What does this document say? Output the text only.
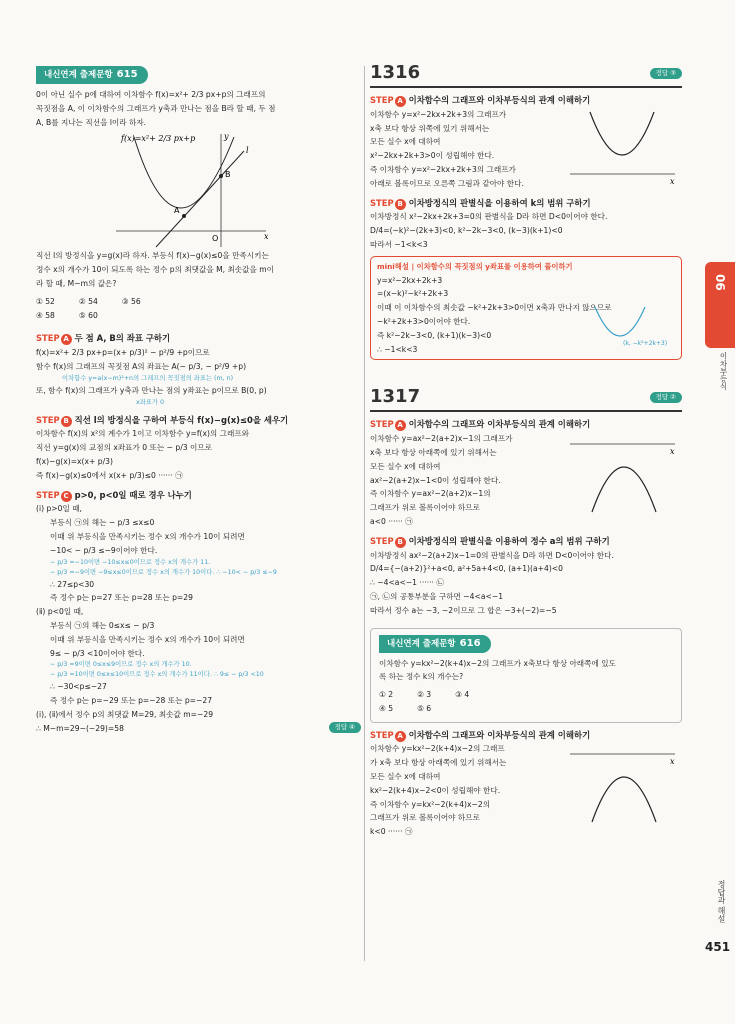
내신연계 출제문항 615
0이 아닌 실수 p에 대하여 이차함수 f(x)=x²+ 2/3 px+p의 그래프의
꼭짓점을 A, 이 이차함수의 그래프가 y축과 만나는 점을 B라 할 때, 두 점
A, B를 지나는 직선을 l이라 하자.
f(x)=x²+ 2/3 px+p	y
l
B
A
O	x
직선 l의 방정식을 y=g(x)라 하자. 부등식 f(x)−g(x)≤0을 만족시키는
정수 x의 개수가 10이 되도록 하는 정수 p의 최댓값을 M, 최솟값을 m이
라 할 때, M−m의 값은?
① 52	② 54	③ 56
④ 58	⑤ 60	
STEP A 두 점 A, B의 좌표 구하기
f(x)=x²+ 2/3 px+p=(x+ p/3)² − p²/9 +p이므로
함수 f(x)의 그래프의 꼭짓점 A의 좌표는 A(− p/3, − p²/9 +p)
이차함수 y=a(x−m)²+n의 그래프의 꼭짓점의 좌표는 (m, n)
또, 함수 f(x)의 그래프가 y축과 만나는 점의 y좌표는 p이므로 B(0, p)
x좌표가 0
STEP B 직선 l의 방정식을 구하여 부등식 f(x)−g(x)≤0을 세우기
이차함수 f(x)의 x²의 계수가 1이고 이차함수 y=f(x)의 그래프와
직선 y=g(x)의 교점의 x좌표가 0 또는 − p/3 이므로
f(x)−g(x)=x(x+ p/3)
즉 f(x)−g(x)≤0에서 x(x+ p/3)≤0 ······ ㉠
STEP C p>0, p<0일 때로 경우 나누기
(ⅰ) p>0일 때,
부등식 ㉠의 해는 − p/3 ≤x≤0
이때 위 부등식을 만족시키는 정수 x의 개수가 10이 되려면
−10< − p/3 ≤−9이어야 한다.
− p/3 =−10이면 −10≤x≤0이므로 정수 x의 개수가 11.
− p/3 =−9이면 −9≤x≤0이므로 정수 x의 개수가 10이다. ∴ −10< − p/3 ≤−9
∴ 27≤p<30
즉 정수 p는 p=27 또는 p=28 또는 p=29
(ⅱ) p<0일 때,
부등식 ㉠의 해는 0≤x≤ − p/3
이때 위 부등식을 만족시키는 정수 x의 개수가 10이 되려면
9≤ − p/3 <10이어야 한다.
− p/3 =9이면 0≤x≤9이므로 정수 x의 개수가 10.
− p/3 =10이면 0≤x≤10이므로 정수 x의 개수가 11이다. ∴ 9≤ − p/3 <10
∴ −30<p≤−27
즉 정수 p는 p=−29 또는 p=−28 또는 p=−27
(ⅰ), (ⅱ)에서 정수 p의 최댓값 M=29, 최솟값 m=−29
∴ M−m=29−(−29)=58	정답 ④
1316	정답 ③
STEP A 이차함수의 그래프와 이차부등식의 관계 이해하기
이차함수 y=x²−2kx+2k+3의 그래프가
x축 보다 항상 위쪽에 있기 위해서는
모든 실수 x에 대하여
x²−2kx+2k+3>0이 성립해야 한다.
즉 이차함수 y=x²−2kx+2k+3의 그래프가
아래로 볼록이므로 오른쪽 그림과 같아야 한다.	x
STEP B 이차방정식의 판별식을 이용하여 k의 범위 구하기
이차방정식 x²−2kx+2k+3=0의 판별식을 D라 하면 D<0이어야 한다.
D/4=(−k)²−(2k+3)<0, k²−2k−3<0, (k−3)(k+1)<0
따라서 −1<k<3
mini해설 | 이차함수의 꼭짓점의 y좌표를 이용하여 풀이하기
y=x²−2kx+2k+3
=(x−k)²−k²+2k+3
이때 이 이차함수의 최솟값 −k²+2k+3>0이면 x축과 만나지 않으므로
−k²+2k+3>0이어야 한다.
즉 k²−2k−3<0, (k+1)(k−3)<0
∴ −1<k<3
(k, −k²+2k+3)
1317	정답 ②
STEP A 이차함수의 그래프와 이차부등식의 관계 이해하기
이차함수 y=ax²−2(a+2)x−1의 그래프가
x축 보다 항상 아래쪽에 있기 위해서는
모든 실수 x에 대하여
ax²−2(a+2)x−1<0이 성립해야 한다.
즉 이차함수 y=ax²−2(a+2)x−1의
그래프가 위로 볼록이어야 하므로
a<0 ······ ㉠
x
STEP B 이차방정식의 판별식을 이용하여 정수 a의 범위 구하기
이차방정식 ax²−2(a+2)x−1=0의 판별식을 D라 하면 D<0이어야 한다.
D/4={−(a+2)}²+a<0, a²+5a+4<0, (a+1)(a+4)<0
∴ −4<a<−1 ······ ㉡
㉠, ㉡의 공통부분을 구하면 −4<a<−1
따라서 정수 a는 −3, −2이므로 그 합은 −3+(−2)=−5
내신연계 출제문항 616
이차함수 y=kx²−2(k+4)x−2의 그래프가 x축보다 항상 아래쪽에 있도
록 하는 정수 k의 개수는?
① 2	② 3	③ 4
④ 5	⑤ 6	
STEP A 이차함수의 그래프와 이차부등식의 관계 이해하기
이차함수 y=kx²−2(k+4)x−2의 그래프
가 x축 보다 항상 아래쪽에 있기 위해서는
모든 실수 x에 대하여
kx²−2(k+4)x−2<0이 성립해야 한다.
즉 이차함수 y=kx²−2(k+4)x−2의
그래프가 위로 볼록이어야 하므로
k<0 ······ ㉠
x
06
이차부등식
정답과 해설
451
